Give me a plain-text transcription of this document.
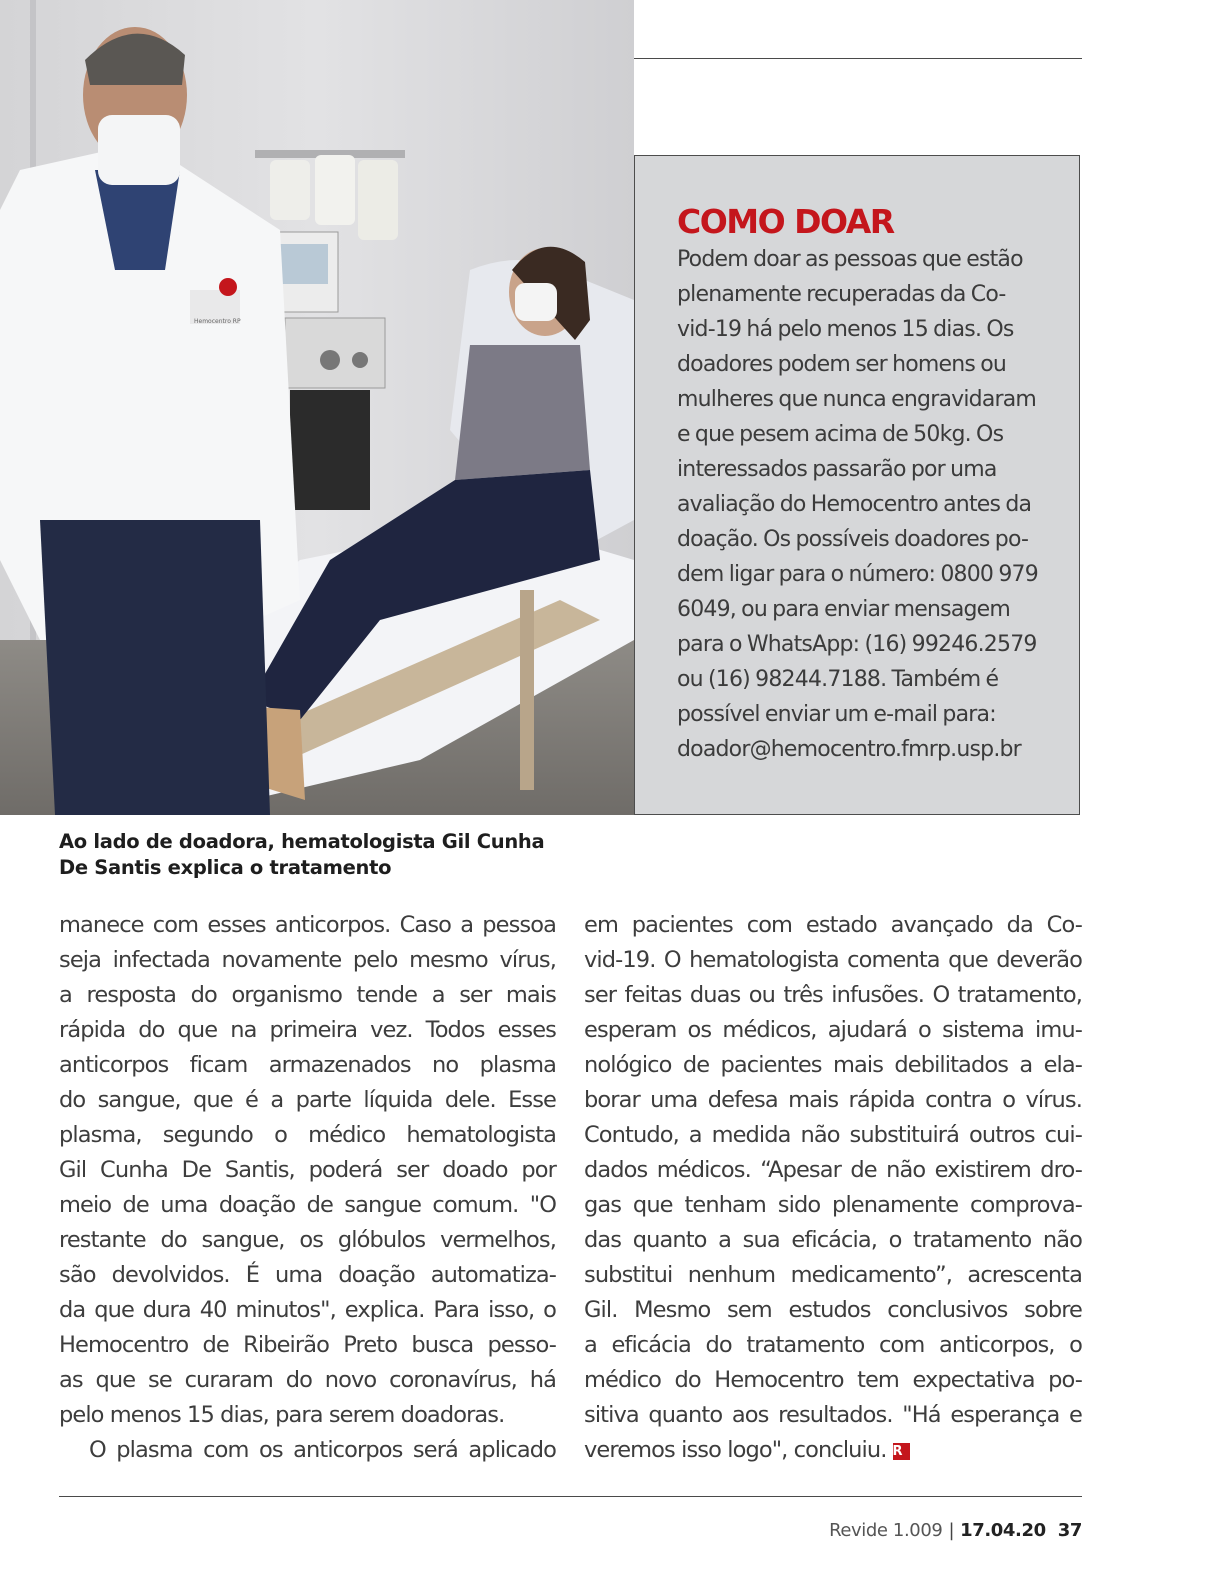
Hemocentro RP
COMO DOAR

Podem doar as pessoas que estão
plenamente recuperadas da Co-
vid-19 há pelo menos 15 dias. Os
doadores podem ser homens ou
mulheres que nunca engravidaram
e que pesem acima de 50kg. Os
interessados passarão por uma
avaliação do Hemocentro antes da
doação. Os possíveis doadores po-
dem ligar para o número: 0800 979
6049, ou para enviar mensagem
para o WhatsApp: (16) 99246.2579
ou (16) 98244.7188. Também é
possível enviar um e-mail para:
doador@hemocentro.fmrp.usp.br

Ao lado de doadora, hematologista Gil Cunha
De Santis explica o tratamento

manece com esses anticorpos. Caso a pessoa
seja infectada novamente pelo mesmo vírus,
a resposta do organismo tende a ser mais
rápida do que na primeira vez. Todos esses
anticorpos ficam armazenados no plasma
do sangue, que é a parte líquida dele. Esse
plasma, segundo o médico hematologista
Gil Cunha De Santis, poderá ser doado por
meio de uma doação de sangue comum. "O
restante do sangue, os glóbulos vermelhos,
são devolvidos. É uma doação automatiza-
da que dura 40 minutos", explica. Para isso, o
Hemocentro de Ribeirão Preto busca pesso-
as que se curaram do novo coronavírus, há
pelo menos 15 dias, para serem doadoras.
O plasma com os anticorpos será aplicado
em pacientes com estado avançado da Co-
vid-19. O hematologista comenta que deverão
ser feitas duas ou três infusões. O tratamento,
esperam os médicos, ajudará o sistema imu-
nológico de pacientes mais debilitados a ela-
borar uma defesa mais rápida contra o vírus.
Contudo, a medida não substituirá outros cui-
dados médicos. “Apesar de não existirem dro-
gas que tenham sido plenamente comprova-
das quanto a sua eficácia, o tratamento não
substitui nenhum medicamento”, acrescenta
Gil. Mesmo sem estudos conclusivos sobre
a eficácia do tratamento com anticorpos, o
médico do Hemocentro tem expectativa po-
sitiva quanto aos resultados. "Há esperança e
veremos isso logo", concluiu. R
Revide 1.009 | 17.04.20 37
